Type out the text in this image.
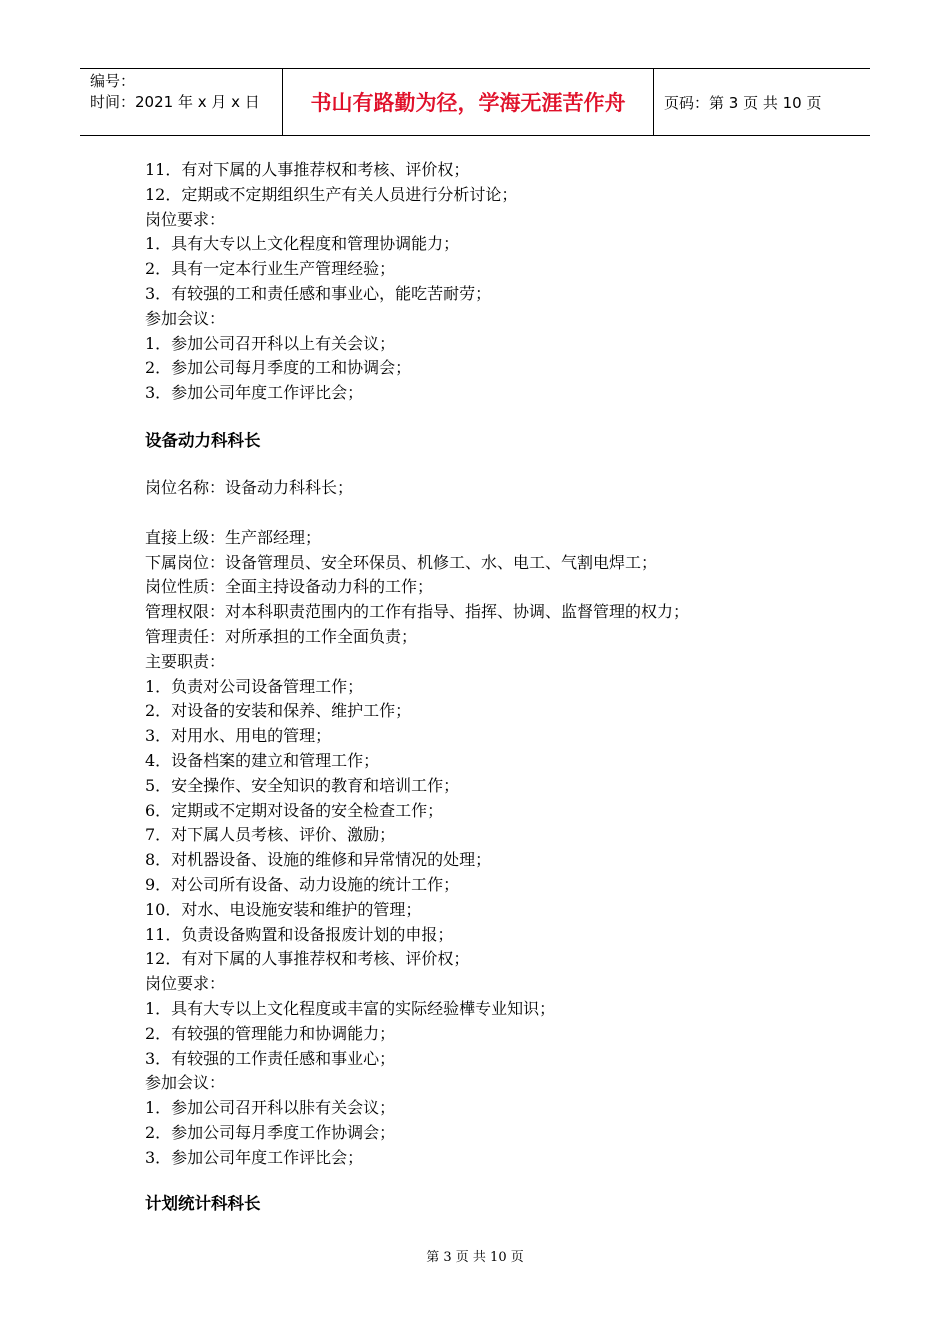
编号：
时间：2021 年 x 月 x 日	书山有路勤为径，学海无涯苦作舟	页码：第 3 页 共 10 页
11．有对下属的人事推荐权和考核、评价权；
12．定期或不定期组织生产有关人员进行分析讨论；
岗位要求：
1．具有大专以上文化程度和管理协调能力；
2．具有一定本行业生产管理经验；
3．有较强的工和责任感和事业心，能吃苦耐劳；
参加会议：
1．参加公司召开科以上有关会议；
2．参加公司每月季度的工和协调会；
3．参加公司年度工作评比会；
设备动力科科长
岗位名称：设备动力科科长；
直接上级：生产部经理；
下属岗位：设备管理员、安全环保员、机修工、水、电工、气割电焊工；
岗位性质：全面主持设备动力科的工作；
管理权限：对本科职责范围内的工作有指导、指挥、协调、监督管理的权力；
管理责任：对所承担的工作全面负责；
主要职责：
1．负责对公司设备管理工作；
2．对设备的安装和保养、维护工作；
3．对用水、用电的管理；
4．设备档案的建立和管理工作；
5．安全操作、安全知识的教育和培训工作；
6．定期或不定期对设备的安全检查工作；
7．对下属人员考核、评价、激励；
8．对机器设备、设施的维修和异常情况的处理；
9．对公司所有设备、动力设施的统计工作；
10．对水、电设施安装和维护的管理；
11．负责设备购置和设备报废计划的申报；
12．有对下属的人事推荐权和考核、评价权；
岗位要求：
1．具有大专以上文化程度或丰富的实际经验樺专业知识；
2．有较强的管理能力和协调能力；
3．有较强的工作责任感和事业心；
参加会议：
1．参加公司召开科以胩有关会议；
2．参加公司每月季度工作协调会；
3．参加公司年度工作评比会；
计划统计科科长
第 3 页 共 10 页
